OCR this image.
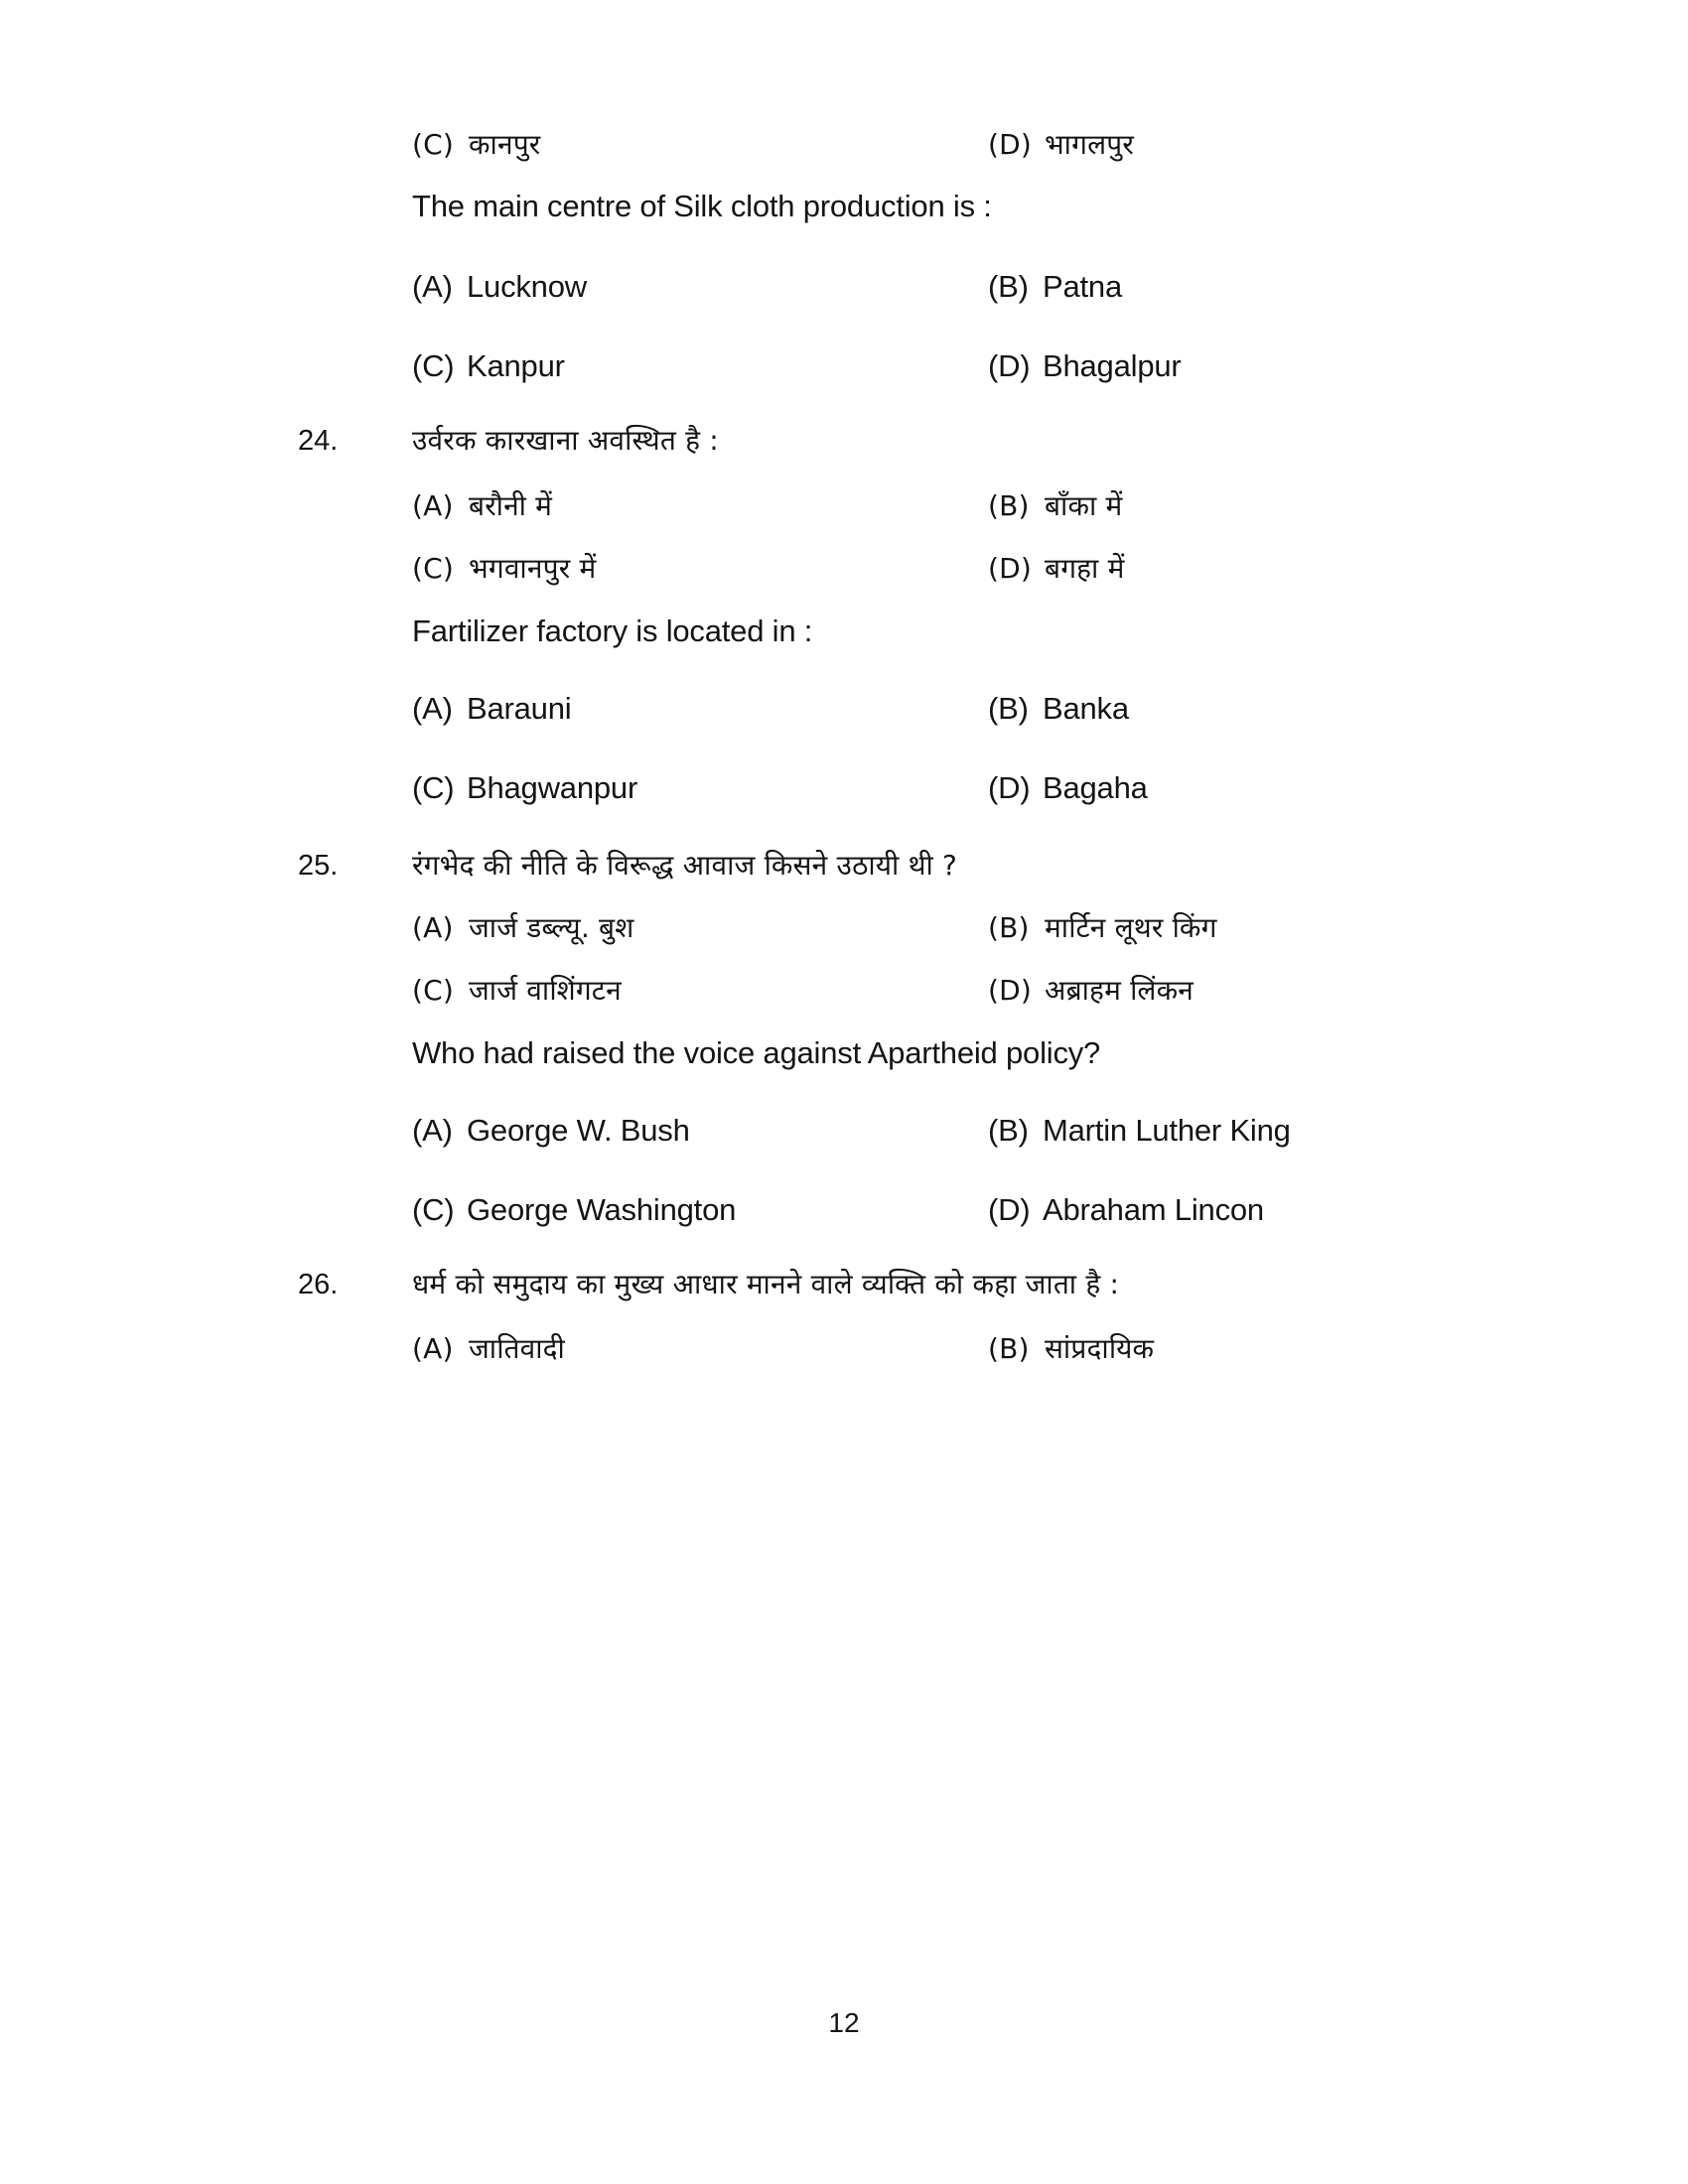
(C) कानपुर	(D) भागलपुर
The main centre of Silk cloth production is :
(A) Lucknow	(B) Patna
(C) Kanpur	(D) Bhagalpur
24.	उर्वरक कारखाना अवस्थित है :
(A) बरौनी में	(B) बाँका में
(C) भगवानपुर में	(D) बगहा में
Fartilizer factory is located in :
(A) Barauni	(B) Banka
(C) Bhagwanpur	(D) Bagaha
25.	रंगभेद की नीति के विरूद्ध आवाज किसने उठायी थी ?
(A) जार्ज डब्ल्यू. बुश	(B) मार्टिन लूथर किंग
(C) जार्ज वाशिंगटन	(D) अब्राहम लिंकन
Who had raised the voice against Apartheid policy?
(A) George W. Bush	(B) Martin Luther King
(C) George Washington	(D) Abraham Lincon
26.	धर्म को समुदाय का मुख्य आधार मानने वाले व्यक्ति को कहा जाता है :
(A) जातिवादी	(B) सांप्रदायिक
12
